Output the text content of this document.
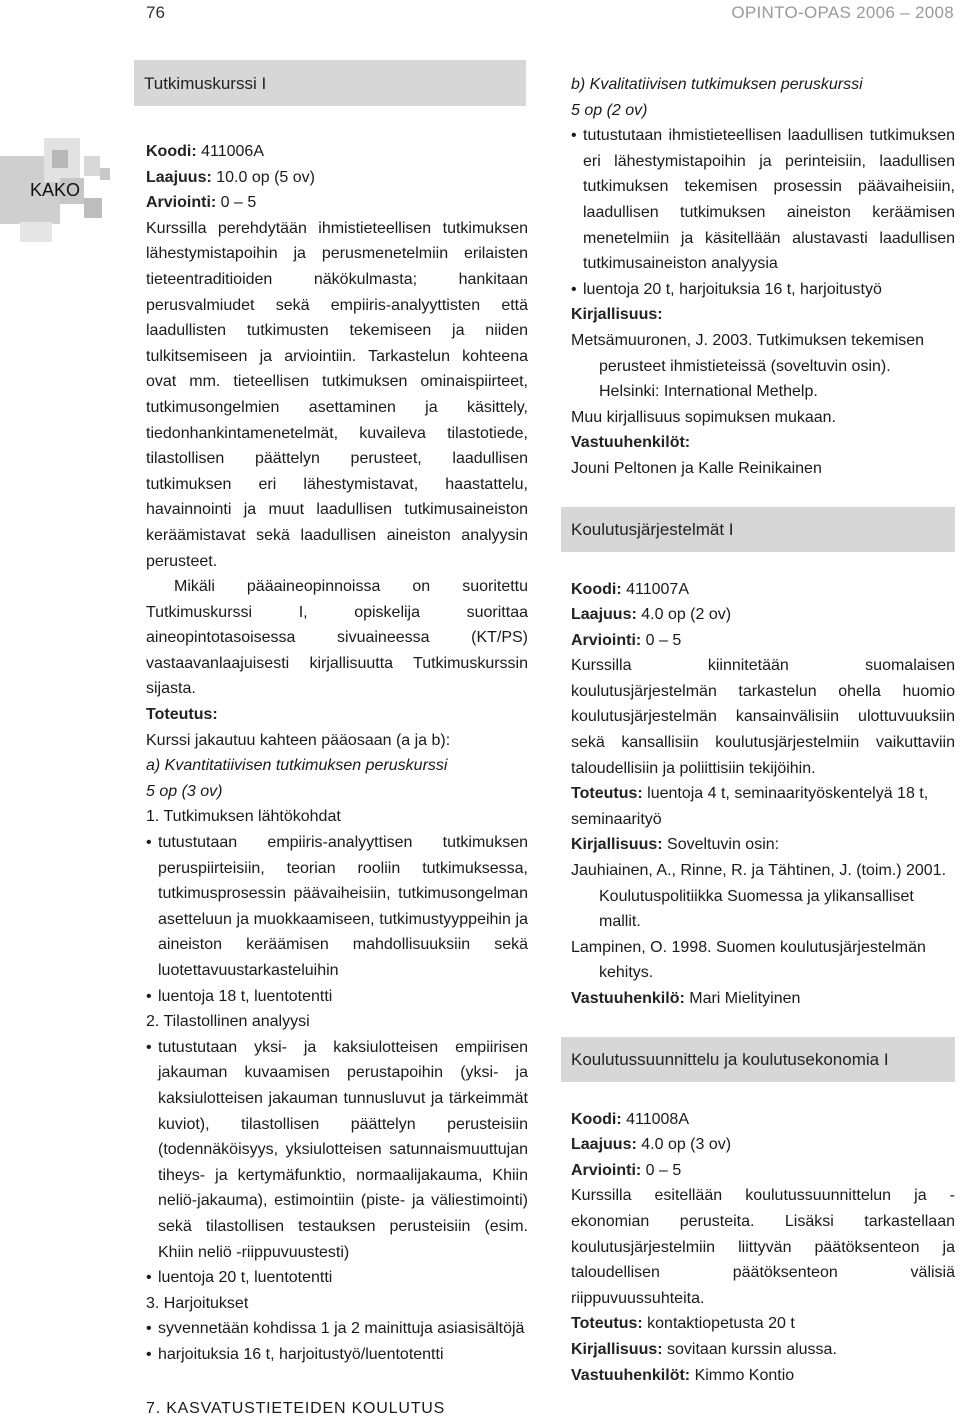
76	OPINTO-OPAS 2006 – 2008
KAKO
Tutkimuskurssi I

Koodi: 411006A

Laajuus: 10.0 op (5 ov)

Arviointi: 0 – 5

Kurssilla perehdytään ihmistieteellisen tutkimuksen lähestymistapoihin ja perusmenetelmiin erilaisten tieteentraditioiden näkökulmasta; hankitaan perusvalmiudet sekä empiiris-analyyttisten että laadullisten tutkimusten tekemiseen ja niiden tulkitsemiseen ja arviointiin. Tarkastelun kohteena ovat mm. tieteellisen tutkimuksen ominaispiirteet, tutkimusongelmien asettaminen ja käsittely, tiedonhankintamenetelmät, kuvaileva tilastotiede, tilastollisen päättelyn perusteet, laadullisen tutkimuksen eri lähestymistavat, haastattelu, havainnointi ja muut laadullisen tutkimusaineiston keräämistavat sekä laadullisen aineiston analyysin perusteet.

Mikäli pääaineopinnoissa on suoritettu Tutkimuskurssi I, opiskelija suorittaa aineopintotasoisessa sivuaineessa (KT/PS) vastaavanlaajuisesti kirjallisuutta Tutkimuskurssin sijasta.

Toteutus:

Kurssi jakautuu kahteen pääosaan (a ja b):

a) Kvantitatiivisen tutkimuksen peruskurssi

5 op (3 ov)

1. Tutkimuksen lähtökohdat

• tutustutaan empiiris-analyyttisen tutkimuksen peruspiirteisiin, teorian rooliin tutkimuksessa, tutkimusprosessin päävaiheisiin, tutkimusongelman asetteluun ja muokkaamiseen, tutkimustyyppeihin ja aineiston keräämisen mahdollisuuksiin sekä luotettavuustarkasteluihin

• luentoja 18 t, luentotentti

2. Tilastollinen analyysi

• tutustutaan yksi- ja kaksiulotteisen empiirisen jakauman kuvaamisen perustapoihin (yksi- ja kaksiulotteisen jakauman tunnusluvut ja tärkeimmät kuviot), tilastollisen päättelyn perusteisiin (todennäköisyys, yksiulotteisen satunnaismuuttujan tiheys- ja kertymäfunktio, normaalijakauma, Khiin neliö-jakauma), estimointiin (piste- ja väliestimointi) sekä tilastollisen testauksen perusteisiin (esim. Khiin neliö -riippuvuustesti)

• luentoja 20 t, luentotentti

3. Harjoitukset

• syvennetään kohdissa 1 ja 2 mainittuja asiasisältöjä

• harjoituksia 16 t, harjoitustyö/luentotentti

b) Kvalitatiivisen tutkimuksen peruskurssi

5 op (2 ov)

• tutustutaan ihmistieteellisen laadullisen tutkimuksen eri lähestymistapoihin ja perinteisiin, laadullisen tutkimuksen tekemisen prosessin päävaiheisiin, laadullisen tutkimuksen aineiston keräämisen menetelmiin ja käsitellään alustavasti laadullisen tutkimusaineiston analyysia

• luentoja 20 t, harjoituksia 16 t, harjoitustyö

Kirjallisuus:

Metsämuuronen, J. 2003. Tutkimuksen tekemisen perusteet ihmistieteissä (soveltuvin osin). Helsinki: International Methelp.

Muu kirjallisuus sopimuksen mukaan.

Vastuuhenkilöt:

Jouni Peltonen ja Kalle Reinikainen

Koulutusjärjestelmät I

Koodi: 411007A

Laajuus: 4.0 op (2 ov)

Arviointi: 0 – 5

Kurssilla kiinnitetään suomalaisen koulutusjärjestelmän tarkastelun ohella huomio koulutusjärjestelmän kansainvälisiin ulottuvuuksiin sekä kansallisiin koulutusjärjestelmiin vaikuttaviin taloudellisiin ja poliittisiin tekijöihin.

Toteutus: luentoja 4 t, seminaarityöskentelyä 18 t, seminaarityö

Kirjallisuus: Soveltuvin osin:

Jauhiainen, A., Rinne, R. ja Tähtinen, J. (toim.) 2001. Koulutuspolitiikka Suomessa ja ylikansalliset mallit.

Lampinen, O. 1998. Suomen koulutusjärjestelmän kehitys.

Vastuuhenkilö: Mari Mielityinen

Koulutussuunnittelu ja koulutusekonomia I

Koodi: 411008A

Laajuus: 4.0 op (3 ov)

Arviointi: 0 – 5

Kurssilla esitellään koulutussuunnittelun ja -ekonomian perusteita. Lisäksi tarkastellaan koulutusjärjestelmiin liittyvän päätöksenteon ja taloudellisen päätöksenteon välisiä riippuvuussuhteita.

Toteutus: kontaktiopetusta 20 t

Kirjallisuus: sovitaan kurssin alussa.

Vastuuhenkilöt: Kimmo Kontio

7. KASVATUSTIETEIDEN KOULUTUS
